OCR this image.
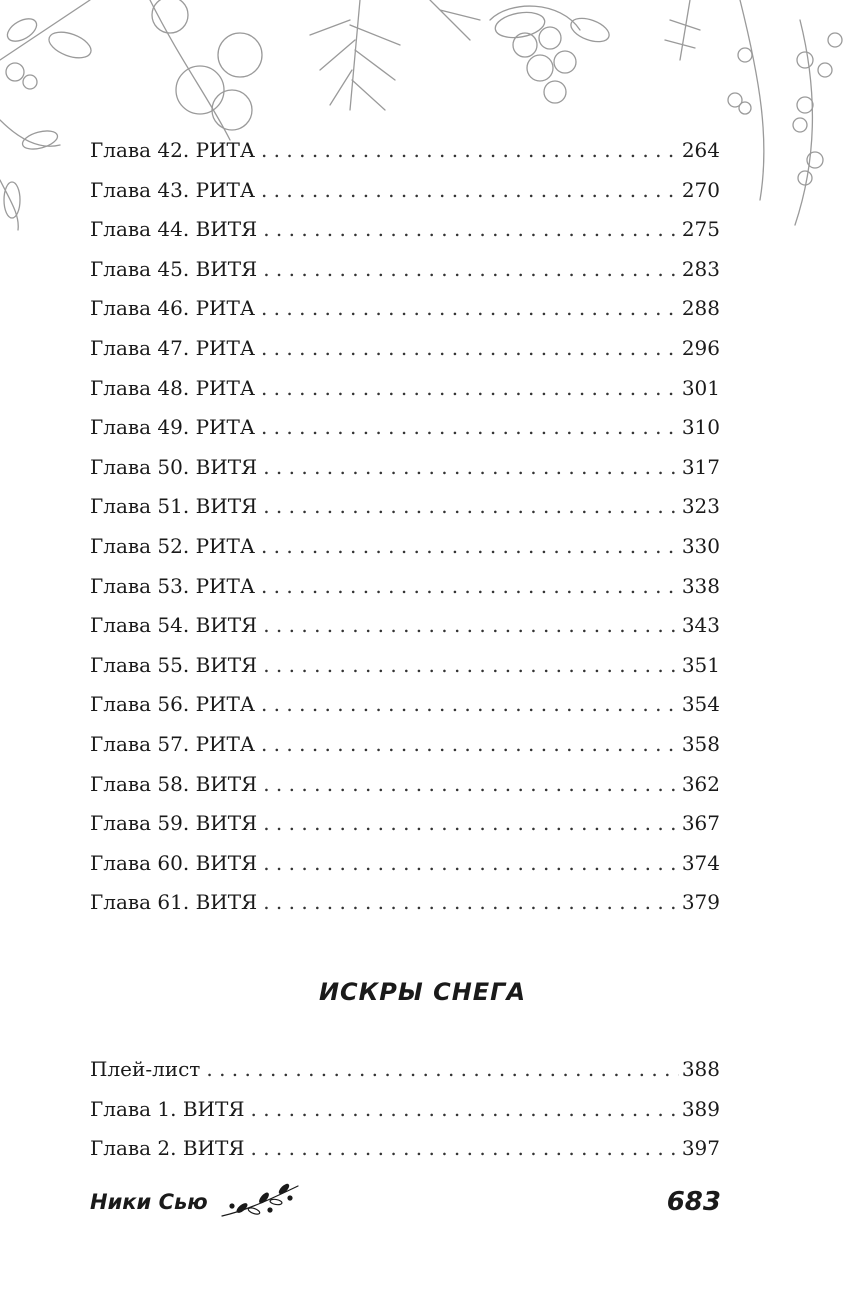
Глава 42. РИТА . . .	264
Глава 43. РИТА . . .	270
Глава 44. ВИТЯ . . .	275
Глава 45. ВИТЯ . . .	283
Глава 46. РИТА . . .	288
Глава 47. РИТА . . .	296
Глава 48. РИТА . . .	301
Глава 49. РИТА . . .	310
Глава 50. ВИТЯ . . .	317
Глава 51. ВИТЯ . . .	323
Глава 52. РИТА . . .	330
Глава 53. РИТА . . .	338
Глава 54. ВИТЯ . . .	343
Глава 55. ВИТЯ . . .	351
Глава 56. РИТА . . .	354
Глава 57. РИТА . . .	358
Глава 58. ВИТЯ . . .	362
Глава 59. ВИТЯ . . .	367
Глава 60. ВИТЯ . . .	374
Глава 61. ВИТЯ . . .	379
ИСКРЫ СНЕГА
Плей-лист . . .	388
Глава 1. ВИТЯ . . .	389
Глава 2. ВИТЯ . . .	397
Ники Сью	683
